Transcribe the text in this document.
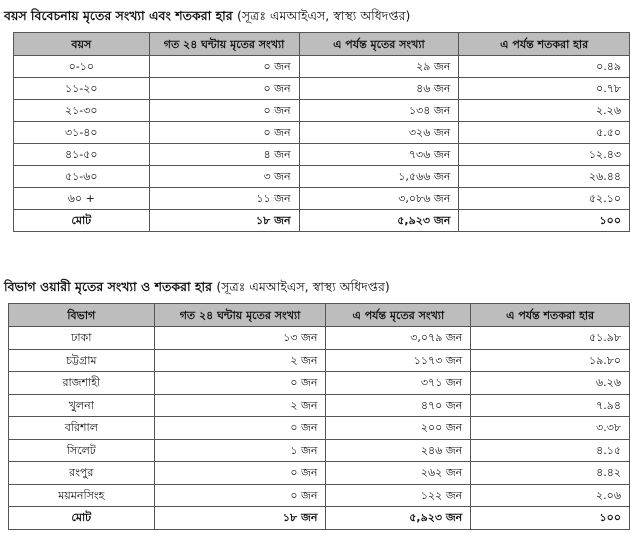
বয়স বিবেচনায় মৃতের সংখ্যা এবং শতকরা হার (সূত্রঃ এমআইএস, স্বাস্থ্য অধিদপ্তর)
বয়স	গত ২৪ ঘন্টায় মৃতের সংখ্যা	এ পর্যন্ত মৃতের সংখ্যা	এ পর্যন্ত শতকরা হার
০-১০	০ জন	২৯ জন	০.৪৯
১১-২০	০ জন	৪৬ জন	০.৭৮
২১-৩০	০ জন	১৩৪ জন	২.২৬
৩১-৪০	০ জন	৩২৬ জন	৫.৫০
৪১-৫০	৪ জন	৭৩৬ জন	১২.৪৩
৫১-৬০	৩ জন	১,৫৬৬ জন	২৬.৪৪
৬০ +	১১ জন	৩,০৮৬ জন	৫২.১০
মোট	১৮ জন	৫,৯২৩ জন	১০০
বিভাগ ওয়ারী মৃতের সংখ্যা ও শতকরা হার (সূত্রঃ এমআইএস, স্বাস্থ্য অধিদপ্তর)
বিভাগ	গত ২৪ ঘন্টায় মৃতের সংখ্যা	এ পর্যন্ত মৃতের সংখ্যা	এ পর্যন্ত শতকরা হার
ঢাকা	১৩ জন	৩,০৭৯ জন	৫১.৯৮
চট্টগ্রাম	২ জন	১১৭৩ জন	১৯.৮০
রাজশাহী	০ জন	৩৭১ জন	৬.২৬
খুলনা	২ জন	৪৭০ জন	৭.৯৪
বরিশাল	০ জন	২০০ জন	৩.৩৮
সিলেট	১ জন	২৪৬ জন	৪.১৫
রংপুর	০ জন	২৬২ জন	৪.৪২
ময়মনসিংহ	০ জন	১২২ জন	২.০৬
মোট	১৮ জন	৫,৯২৩ জন	১০০
